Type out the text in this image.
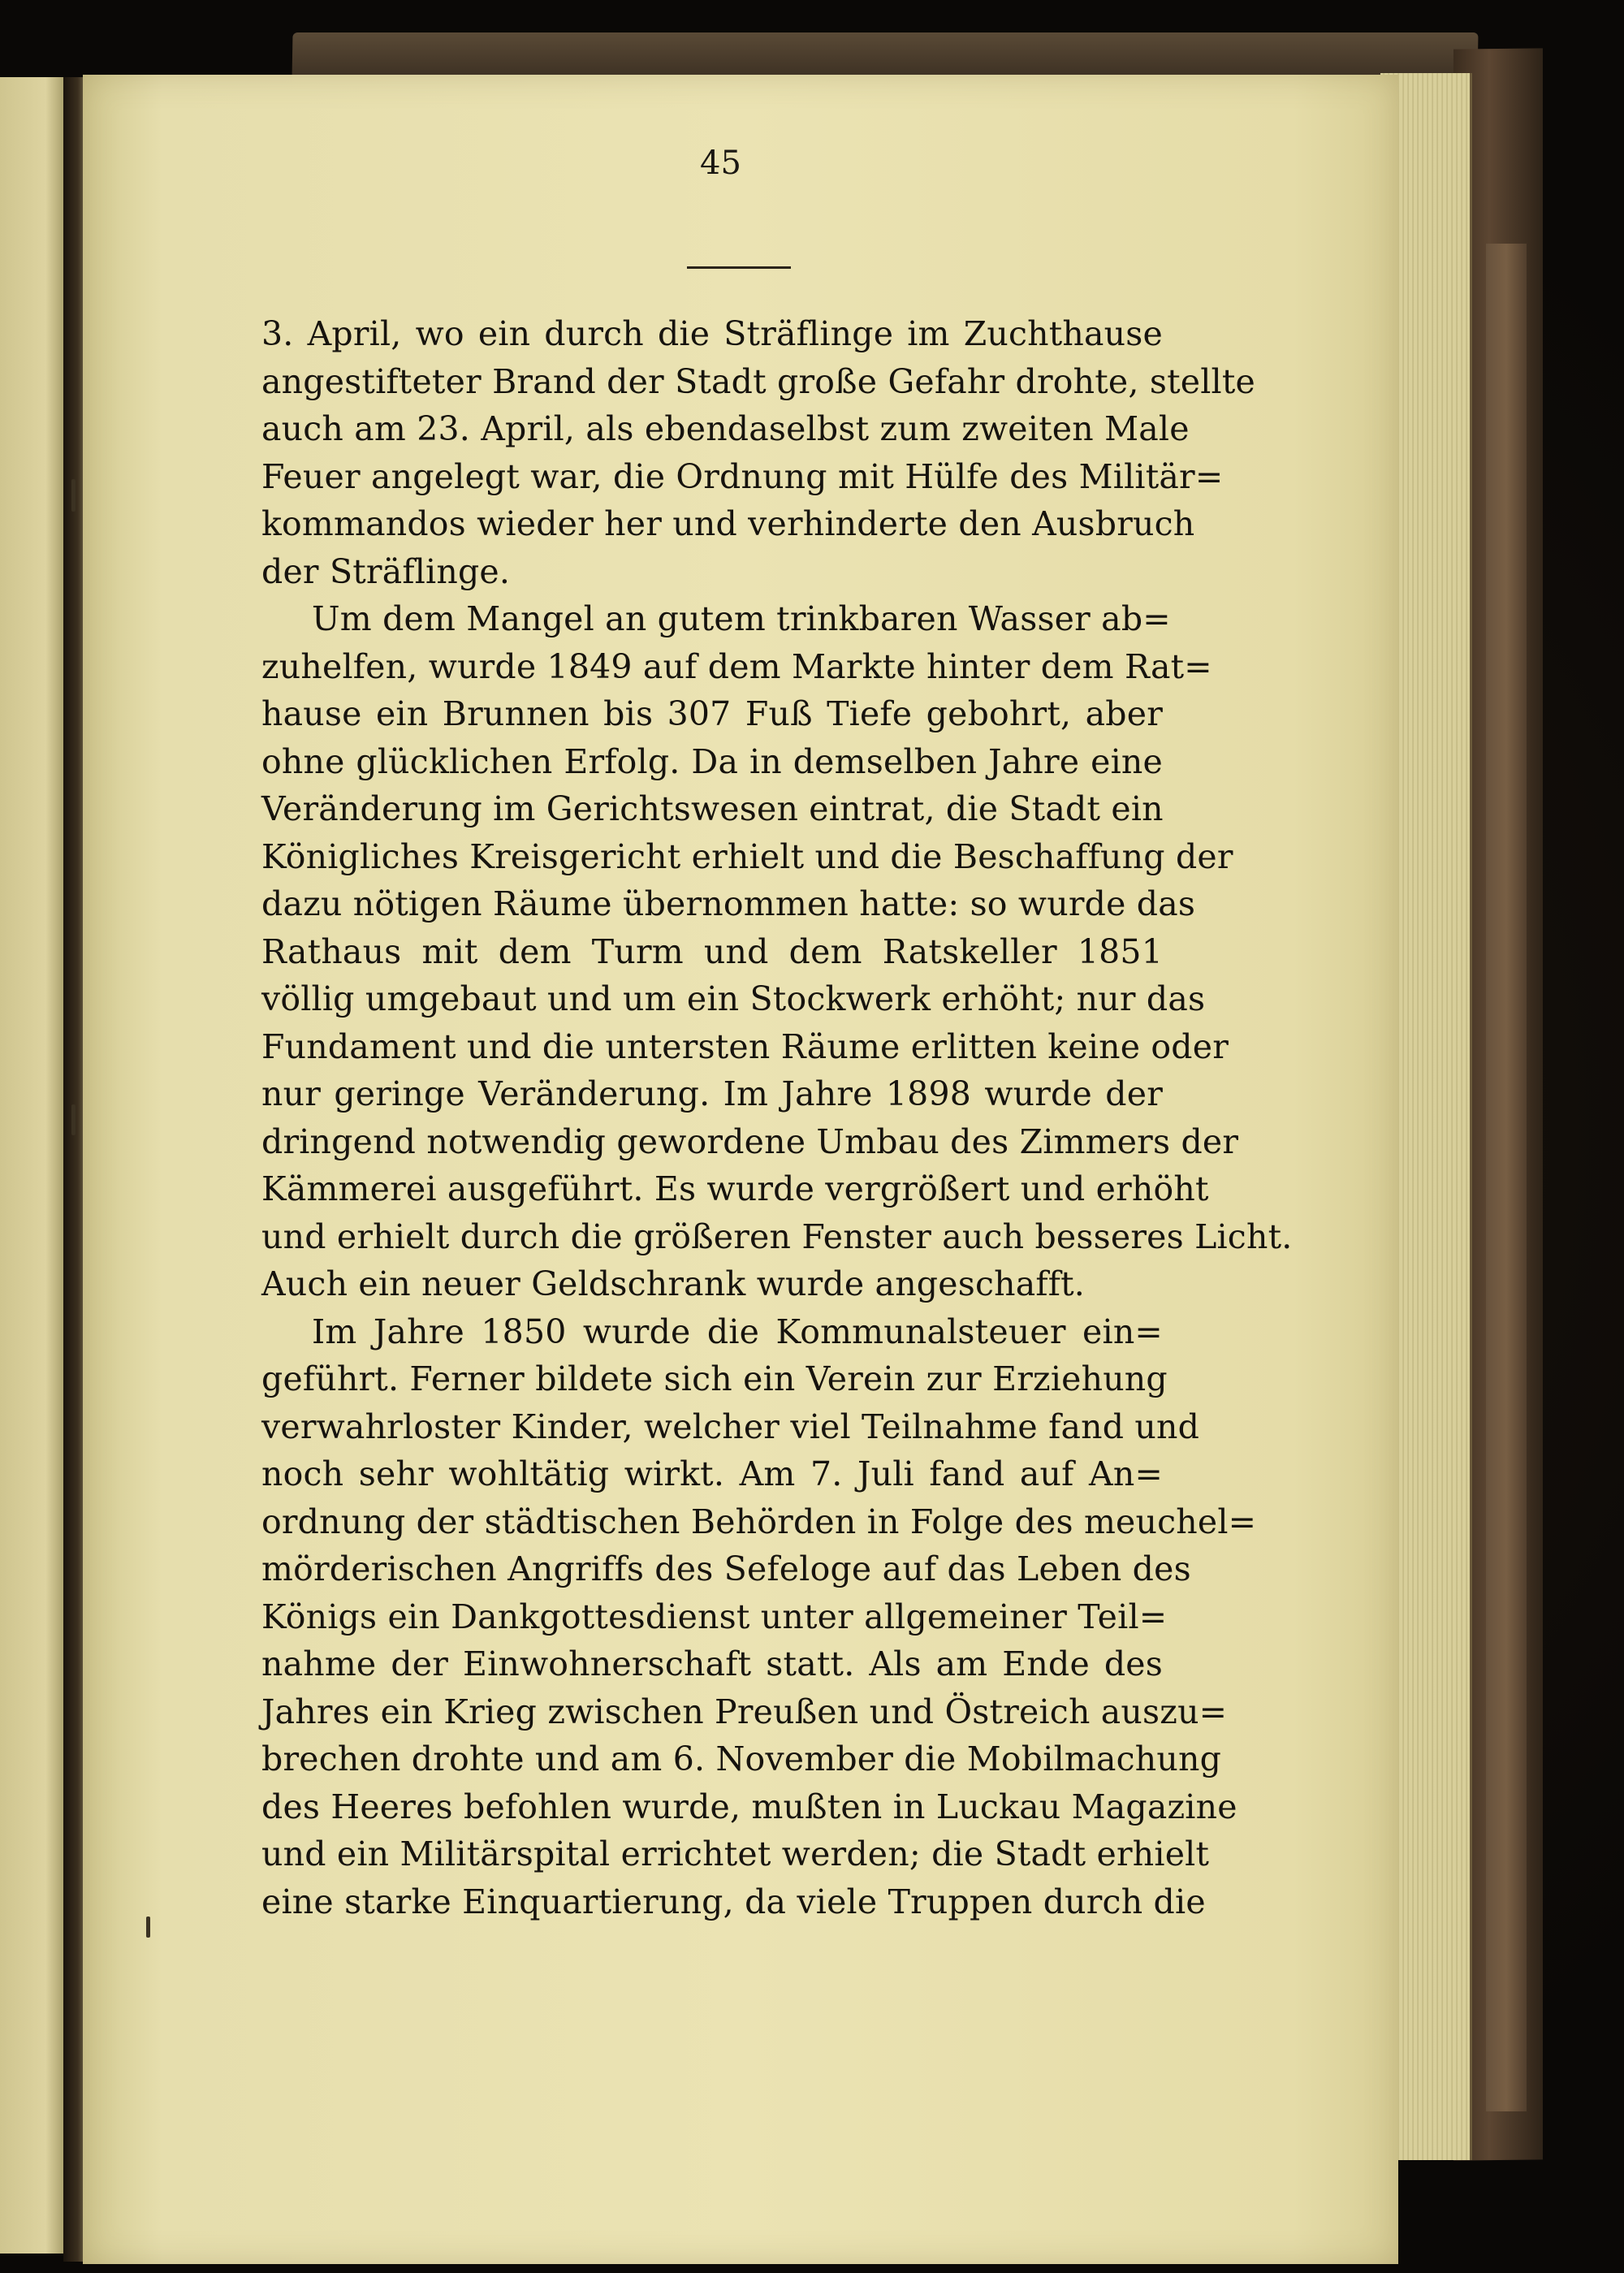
45
3. April, wo ein durch die Sträflinge im Zuchthause
angestifteter Brand der Stadt große Gefahr drohte, stellte
auch am 23. April, als ebendaselbst zum zweiten Male
Feuer angelegt war, die Ordnung mit Hülfe des Militär=
kommandos wieder her und verhinderte den Ausbruch
der Sträflinge.
Um dem Mangel an gutem trinkbaren Wasser ab=
zuhelfen, wurde 1849 auf dem Markte hinter dem Rat=
hause ein Brunnen bis 307 Fuß Tiefe gebohrt, aber
ohne glücklichen Erfolg. Da in demselben Jahre eine
Veränderung im Gerichtswesen eintrat, die Stadt ein
Königliches Kreisgericht erhielt und die Beschaffung der
dazu nötigen Räume übernommen hatte: so wurde das
Rathaus mit dem Turm und dem Ratskeller 1851
völlig umgebaut und um ein Stockwerk erhöht; nur das
Fundament und die untersten Räume erlitten keine oder
nur geringe Veränderung. Im Jahre 1898 wurde der
dringend notwendig gewordene Umbau des Zimmers der
Kämmerei ausgeführt. Es wurde vergrößert und erhöht
und erhielt durch die größeren Fenster auch besseres Licht.
Auch ein neuer Geldschrank wurde angeschafft.
Im Jahre 1850 wurde die Kommunalsteuer ein=
geführt. Ferner bildete sich ein Verein zur Erziehung
verwahrloster Kinder, welcher viel Teilnahme fand und
noch sehr wohltätig wirkt. Am 7. Juli fand auf An=
ordnung der städtischen Behörden in Folge des meuchel=
mörderischen Angriffs des Sefeloge auf das Leben des
Königs ein Dankgottesdienst unter allgemeiner Teil=
nahme der Einwohnerschaft statt. Als am Ende des
Jahres ein Krieg zwischen Preußen und Östreich auszu=
brechen drohte und am 6. November die Mobilmachung
des Heeres befohlen wurde, mußten in Luckau Magazine
und ein Militärspital errichtet werden; die Stadt erhielt
eine starke Einquartierung, da viele Truppen durch die
